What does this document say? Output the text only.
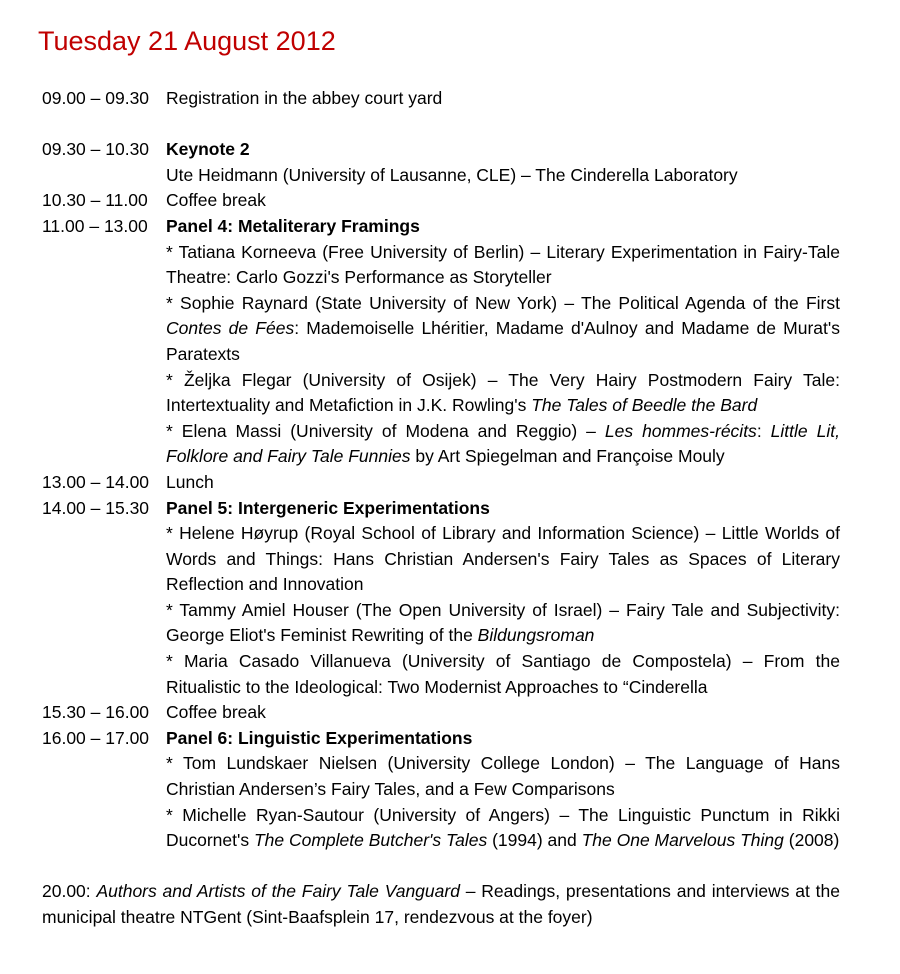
Tuesday 21 August 2012
09.00 – 09.30 Registration in the abbey court yard
09.30 – 10.30 Keynote 2
Ute Heidmann (University of Lausanne, CLE) – The Cinderella Laboratory
10.30 – 11.00	Coffee break
11.00 – 13.00	Panel 4: Metaliterary Framings
* Tatiana Korneeva (Free University of Berlin) – Literary Experimentation in Fairy-Tale Theatre: Carlo Gozzi's Performance as Storyteller
* Sophie Raynard (State University of New York) – The Political Agenda of the First Contes de Fées: Mademoiselle Lhéritier, Madame d'Aulnoy and Madame de Murat's Paratexts
* Željka Flegar (University of Osijek) – The Very Hairy Postmodern Fairy Tale: Intertextuality and Metafiction in J.K. Rowling's The Tales of Beedle the Bard
* Elena Massi (University of Modena and Reggio) – Les hommes-récits: Little Lit, Folklore and Fairy Tale Funnies by Art Spiegelman and Françoise Mouly
13.00 – 14.00 Lunch
14.00 – 15.30 Panel 5: Intergeneric Experimentations
* Helene Høyrup (Royal School of Library and Information Science) – Little Worlds of Words and Things: Hans Christian Andersen's Fairy Tales as Spaces of Literary Reflection and Innovation
* Tammy Amiel Houser (The Open University of Israel) – Fairy Tale and Subjectivity: George Eliot's Feminist Rewriting of the Bildungsroman
* Maria Casado Villanueva (University of Santiago de Compostela) – From the Ritualistic to the Ideological: Two Modernist Approaches to “Cinderella
15.30 – 16.00 Coffee break
16.00 – 17.00 Panel 6: Linguistic Experimentations
* Tom Lundskaer Nielsen (University College London) – The Language of Hans Christian Andersen’s Fairy Tales, and a Few Comparisons
* Michelle Ryan-Sautour (University of Angers) – The Linguistic Punctum in Rikki Ducornet's The Complete Butcher's Tales (1994) and The One Marvelous Thing (2008)
20.00: Authors and Artists of the Fairy Tale Vanguard – Readings, presentations and interviews at the municipal theatre NTGent (Sint-Baafsplein 17, rendezvous at the foyer)
